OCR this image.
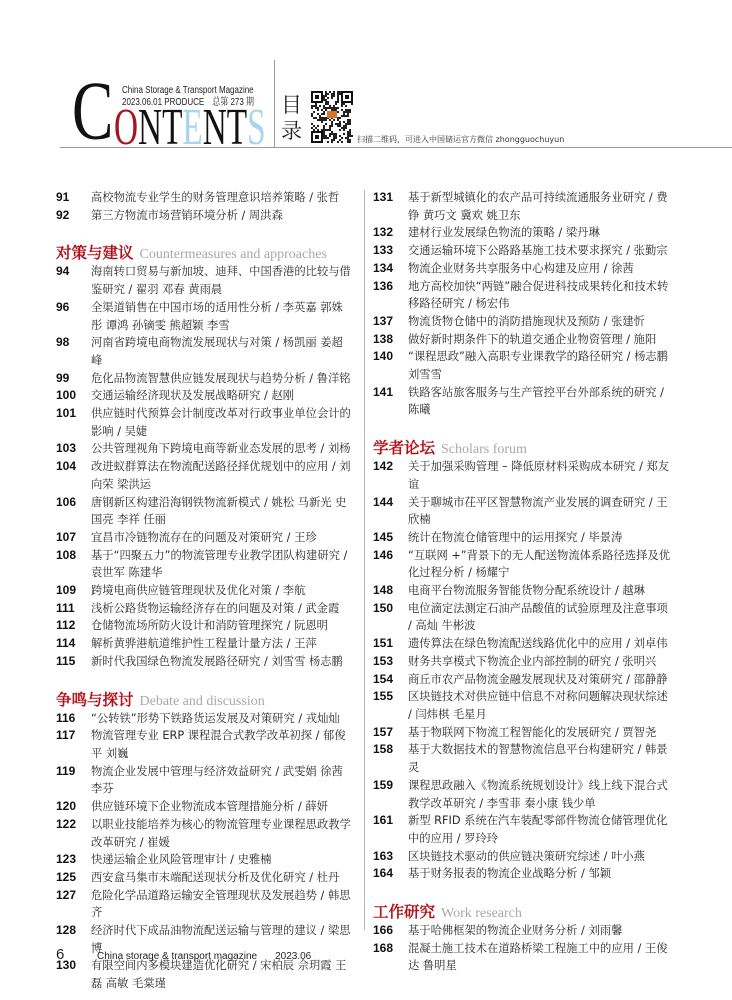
C ONTENTS
China Storage & Transport Magazine
2023.06.01 PRODUCE　总第 273 期 目录	扫描二维码，可进入中国储运官方微信 zhongguochuyun
91	高校物流专业学生的财务管理意识培养策略 / 张哲
92	第三方物流市场营销环境分析 / 周洪森
对策与建议 Countermeasures and approaches
94	海南转口贸易与新加坡、迪拜、中国香港的比较与借鉴研究 / 翟羽 邓春 黄雨晨
96	全渠道销售在中国市场的适用性分析 / 李英嘉 郭姝彤 谭鸿 孙镝雯 熊超颖 李雪
98	河南省跨境电商物流发展现状与对策 / 杨凯丽 姜超峰
99	危化品物流智慧供应链发展现状与趋势分析 / 鲁洋铭
100	交通运输经济现状及发展战略研究 / 赵刚
101	供应链时代预算会计制度改革对行政事业单位会计的影响 / 吴婕
103	公共管理视角下跨境电商等新业态发展的思考 / 刘杨
104	改进蚁群算法在物流配送路径择优规划中的应用 / 刘向荣 梁洪运
106	唐钢新区构建沿海钢铁物流新模式 / 姚松 马新光 史国亮 李祥 任丽
107	宜昌市冷链物流存在的问题及对策研究 / 王珍
108	基于“四聚五力”的物流管理专业教学团队构建研究 / 袁世军 陈建华
109	跨境电商供应链管理现状及优化对策 / 李航
111	浅析公路货物运输经济存在的问题及对策 / 武金霞
112	仓储物流场所防火设计和消防管理探究 / 阮恩明
114	解析黄骅港航道维护性工程量计量方法 / 王萍
115	新时代我国绿色物流发展路径研究 / 刘雪雪 杨志鹏
争鸣与探讨 Debate and discussion
116	“公转铁”形势下铁路货运发展及对策研究 / 戎灿灿
117	物流管理专业 ERP 课程混合式教学改革初探 / 郁俊平 刘巍
119	物流企业发展中管理与经济效益研究 / 武雯娟 徐茜 李芬
120	供应链环境下企业物流成本管理措施分析 / 薛妍
122	以职业技能培养为核心的物流管理专业课程思政教学改革研究 / 崔媛
123	快递运输企业风险管理审计 / 史雅楠
125	西安盒马集市末端配送现状分析及优化研究 / 杜丹
127	危险化学品道路运输安全管理现状及发展趋势 / 韩思齐
128	经济时代下成品油物流配送运输与管理的建议 / 梁思博
130	有限空间内多模块建造优化研究 / 宋柏辰 佘玥霞 王磊 高敏 毛棠瑾
131	基于新型城镇化的农产品可持续流通服务业研究 / 费铮 黄巧文 冀欢 姚卫东
132	建材行业发展绿色物流的策略 / 梁丹琳
133	交通运输环境下公路路基施工技术要求探究 / 张勤宗
134	物流企业财务共享服务中心构建及应用 / 徐茜
136	地方高校加快“两链”融合促进科技成果转化和技术转移路径研究 / 杨宏伟
137	物流货物仓储中的消防措施现状及预防 / 张建忻
138	做好新时期条件下的轨道交通企业物资管理 / 施阳
140	“课程思政”融入高职专业课教学的路径研究 / 杨志鹏 刘雪雪
141	铁路客站旅客服务与生产管控平台外部系统的研究 / 陈曦
学者论坛 Scholars forum
142	关于加强采购管理 – 降低原材料采购成本研究 / 郑友谊
144	关于聊城市茌平区智慧物流产业发展的调查研究 / 王欣楠
145	统计在物流仓储管理中的运用探究 / 毕景涛
146	“互联网 +”背景下的无人配送物流体系路径选择及优化过程分析 / 杨耀宁
148	电商平台物流服务智能货物分配系统设计 / 越琳
150	电位滴定法测定石油产品酸值的试验原理及注意事项 / 高灿 牛彬波
151	遗传算法在绿色物流配送线路优化中的应用 / 刘卓伟
153	财务共享模式下物流企业内部控制的研究 / 张明兴
154	商丘市农产品物流金融发展现状及对策研究 / 邵静静
155	区块链技术对供应链中信息不对称问题解决现状综述 / 闫炜棋 毛星月
157	基于物联网下物流工程智能化的发展研究 / 贾智尧
158	基于大数据技术的智慧物流信息平台构建研究 / 韩景灵
159	课程思政融入《物流系统规划设计》线上线下混合式教学改革研究 / 李雪菲 秦小康 钱少单
161	新型 RFID 系统在汽车装配零部件物流仓储管理优化中的应用 / 罗玲玲
163	区块链技术驱动的供应链决策研究综述 / 叶小燕
164	基于财务报表的物流企业战略分析 / 邹颖
工作研究 Work research
166	基于哈佛框架的物流企业财务分析 / 刘雨馨
168	混凝土施工技术在道路桥梁工程施工中的应用 / 王俊达 鲁明星
6	China storage & transport magazine 2023.06
